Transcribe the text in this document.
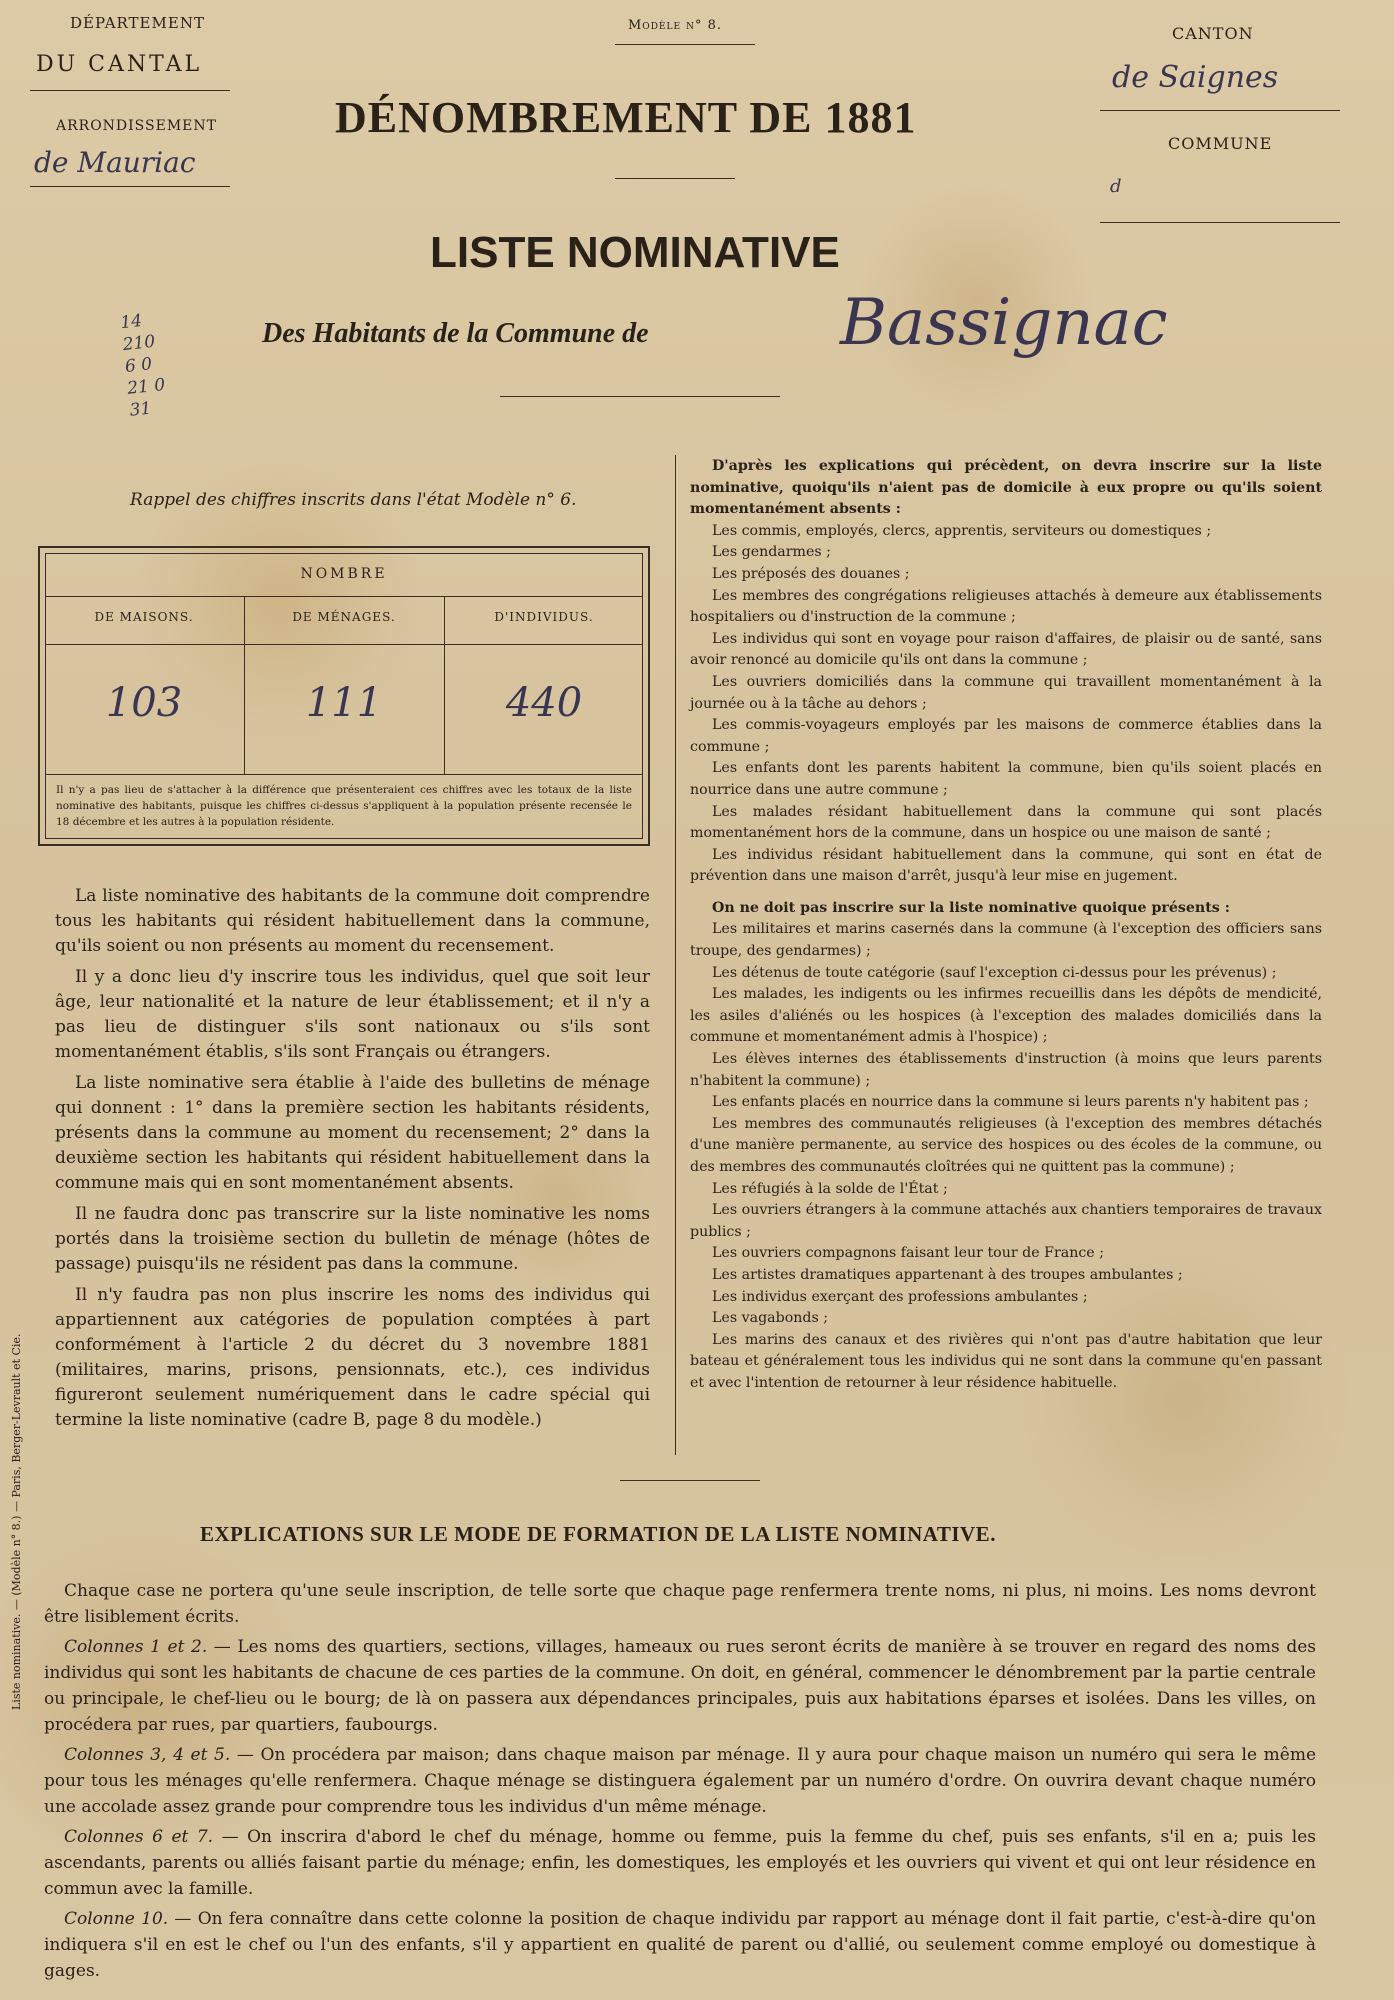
DÉPARTEMENT
DU CANTAL
ARRONDISSEMENT
de Mauriac
Modèle n° 8.
DÉNOMBREMENT DE 1881
CANTON
de Saignes
COMMUNE
d
LISTE NOMINATIVE
Des Habitants de la Commune de	Bassignac
14
210
6 0
21 0
31
Rappel des chiffres inscrits dans l'état Modèle n° 6.
NOMBRE
DE MAISONS.	DE MÉNAGES.	D'INDIVIDUS.
103	111	440
Il n'y a pas lieu de s'attacher à la différence que présenteraient ces chiffres avec les totaux de la liste nominative des habitants, puisque les chiffres ci-dessus s'appliquent à la population présente recensée le 18 décembre et les autres à la population résidente.

La liste nominative des habitants de la commune doit comprendre tous les habitants qui résident habituellement dans la commune, qu'ils soient ou non présents au moment du recensement.

Il y a donc lieu d'y inscrire tous les individus, quel que soit leur âge, leur nationalité et la nature de leur établissement; et il n'y a pas lieu de distinguer s'ils sont nationaux ou s'ils sont momentanément établis, s'ils sont Français ou étrangers.

La liste nominative sera établie à l'aide des bulletins de ménage qui donnent : 1° dans la première section les habitants résidents, présents dans la commune au moment du recensement; 2° dans la deuxième section les habitants qui résident habituellement dans la commune mais qui en sont momentanément absents.

Il ne faudra donc pas transcrire sur la liste nominative les noms portés dans la troisième section du bulletin de ménage (hôtes de passage) puisqu'ils ne résident pas dans la commune.

Il n'y faudra pas non plus inscrire les noms des individus qui appartiennent aux catégories de population comptées à part conformément à l'article 2 du décret du 3 novembre 1881 (militaires, marins, prisons, pensionnats, etc.), ces individus figureront seulement numériquement dans le cadre spécial qui termine la liste nominative (cadre B, page 8 du modèle.)

D'après les explications qui précèdent, on devra inscrire sur la liste nominative, quoiqu'ils n'aient pas de domicile à eux propre ou qu'ils soient momentanément absents :

Les commis, employés, clercs, apprentis, serviteurs ou domestiques ;

Les gendarmes ;

Les préposés des douanes ;

Les membres des congrégations religieuses attachés à demeure aux établissements hospitaliers ou d'instruction de la commune ;

Les individus qui sont en voyage pour raison d'affaires, de plaisir ou de santé, sans avoir renoncé au domicile qu'ils ont dans la commune ;

Les ouvriers domiciliés dans la commune qui travaillent momentanément à la journée ou à la tâche au dehors ;

Les commis-voyageurs employés par les maisons de commerce établies dans la commune ;

Les enfants dont les parents habitent la commune, bien qu'ils soient placés en nourrice dans une autre commune ;

Les malades résidant habituellement dans la commune qui sont placés momentanément hors de la commune, dans un hospice ou une maison de santé ;

Les individus résidant habituellement dans la commune, qui sont en état de prévention dans une maison d'arrêt, jusqu'à leur mise en jugement.

On ne doit pas inscrire sur la liste nominative quoique présents :

Les militaires et marins casernés dans la commune (à l'exception des officiers sans troupe, des gendarmes) ;

Les détenus de toute catégorie (sauf l'exception ci-dessus pour les prévenus) ;

Les malades, les indigents ou les infirmes recueillis dans les dépôts de mendicité, les asiles d'aliénés ou les hospices (à l'exception des malades domiciliés dans la commune et momentanément admis à l'hospice) ;

Les élèves internes des établissements d'instruction (à moins que leurs parents n'habitent la commune) ;

Les enfants placés en nourrice dans la commune si leurs parents n'y habitent pas ;

Les membres des communautés religieuses (à l'exception des membres détachés d'une manière permanente, au service des hospices ou des écoles de la commune, ou des membres des communautés cloîtrées qui ne quittent pas la commune) ;

Les réfugiés à la solde de l'État ;

Les ouvriers étrangers à la commune attachés aux chantiers temporaires de travaux publics ;

Les ouvriers compagnons faisant leur tour de France ;

Les artistes dramatiques appartenant à des troupes ambulantes ;

Les individus exerçant des professions ambulantes ;

Les vagabonds ;

Les marins des canaux et des rivières qui n'ont pas d'autre habitation que leur bateau et généralement tous les individus qui ne sont dans la commune qu'en passant et avec l'intention de retourner à leur résidence habituelle.

EXPLICATIONS SUR LE MODE DE FORMATION DE LA LISTE NOMINATIVE.

Chaque case ne portera qu'une seule inscription, de telle sorte que chaque page renfermera trente noms, ni plus, ni moins. Les noms devront être lisiblement écrits.

Colonnes 1 et 2. — Les noms des quartiers, sections, villages, hameaux ou rues seront écrits de manière à se trouver en regard des noms des individus qui sont les habitants de chacune de ces parties de la commune. On doit, en général, commencer le dénombrement par la partie centrale ou principale, le chef-lieu ou le bourg; de là on passera aux dépendances principales, puis aux habitations éparses et isolées. Dans les villes, on procédera par rues, par quartiers, faubourgs.

Colonnes 3, 4 et 5. — On procédera par maison; dans chaque maison par ménage. Il y aura pour chaque maison un numéro qui sera le même pour tous les ménages qu'elle renfermera. Chaque ménage se distinguera également par un numéro d'ordre. On ouvrira devant chaque numéro une accolade assez grande pour comprendre tous les individus d'un même ménage.

Colonnes 6 et 7. — On inscrira d'abord le chef du ménage, homme ou femme, puis la femme du chef, puis ses enfants, s'il en a; puis les ascendants, parents ou alliés faisant partie du ménage; enfin, les domestiques, les employés et les ouvriers qui vivent et qui ont leur résidence en commun avec la famille.

Colonne 10. — On fera connaître dans cette colonne la position de chaque individu par rapport au ménage dont il fait partie, c'est-à-dire qu'on indiquera s'il en est le chef ou l'un des enfants, s'il y appartient en qualité de parent ou d'allié, ou seulement comme employé ou domestique à gages.

Liste nominative. — (Modèle n° 8.) — Paris, Berger-Levrault et Cie.
